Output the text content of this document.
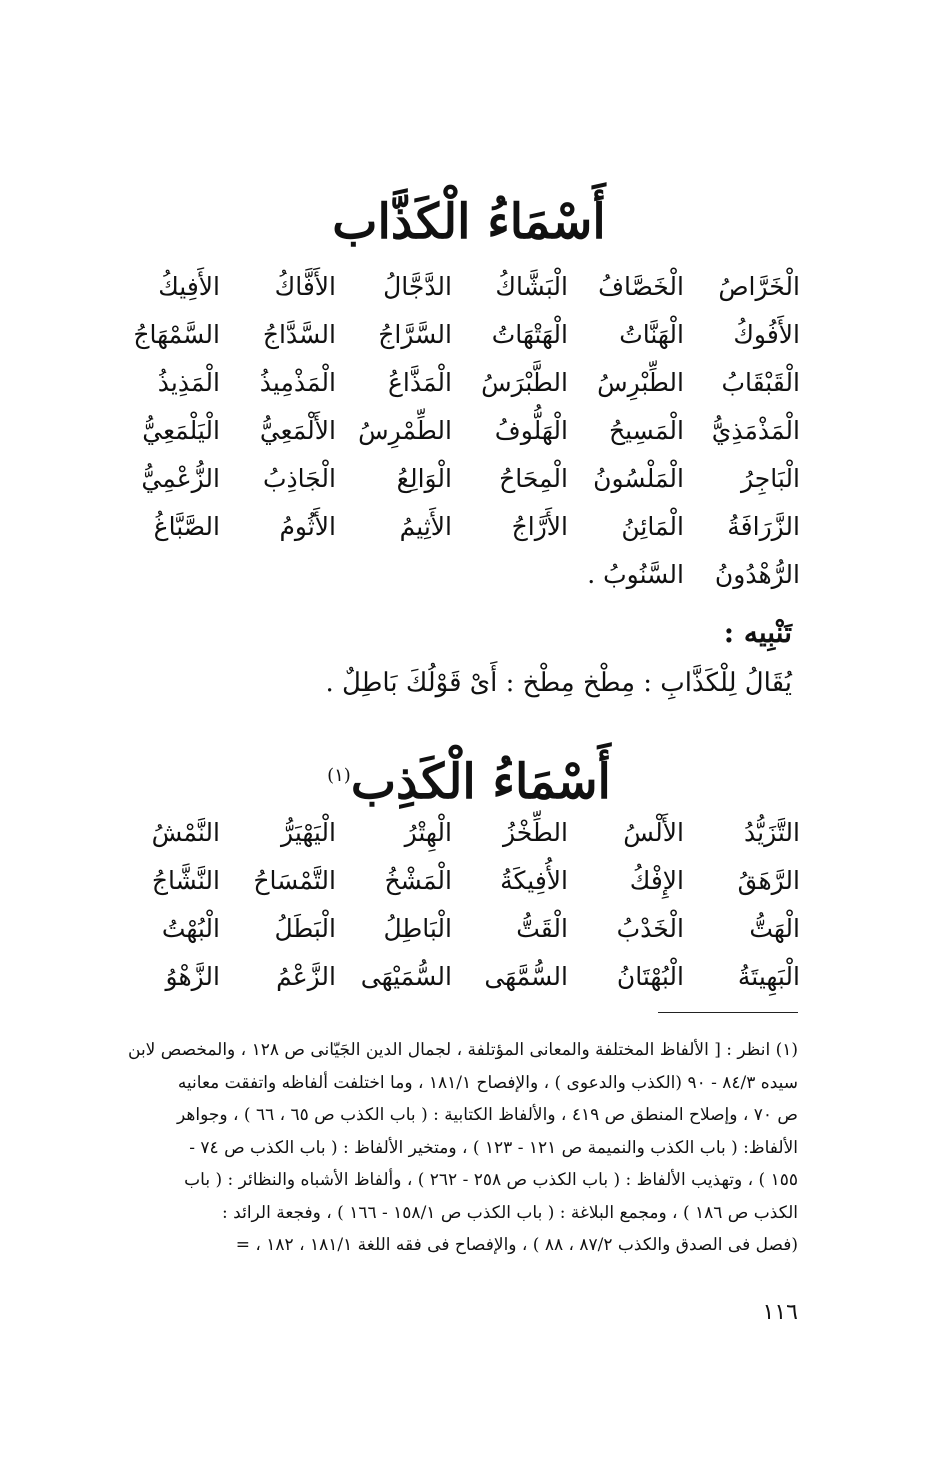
أَسْمَاءُ الْكَذَّاب
الْخَرَّاصُ
الْخَصَّافُ
الْبَشَّاكُ
الدَّجَّالُ
الأَفَّاكُ
الأَفِيكُ
الأَفُوكُ
الْهَنَّاتُ
الْهَتْهَاتُ
السَّرَّاجُ
السَّدَّاجُ
السَّمْهَاجُ
الْقَبْقَابُ
الطِّبْرِسُ
الطَّبْرَسُ
الْمَذَّاعُ
الْمَذْمِيذُ
الْمَذِيذُ
الْمَذْمَذِيُّ
الْمَسِيحُ
الْهَلُّوفُ
الطِّمْرِسُ
الأَلْمَعِيُّ
الْيَلْمَعِيُّ
الْبَاجِرُ
الْمَلْسُونُ
الْمِحَاحُ
الْوَالِعُ
الْجَاذِبُ
الزُّعْمِيُّ
الزَّرَافَةُ
الْمَائِنُ
الأَرَّاجُ
الأَثِيمُ
الأَثُومُ
الصَّبَّاغُ
الرُّهْدُونُ
السَّنُوبُ .
تَنْبِيه :
يُقَالُ لِلْكَذَّابِ : مِطْخ مِطْخ : أَىْ قَوْلُكَ بَاطِلٌ .
أَسْمَاءُ الْكَذِب$^{(١)}$
التَّزَيُّدُ
الأَلْسُ
الطِّخْزُ
الْهِتْرُ
الْيَهْيَرُّ
النَّمْشُ
الرَّهَقُ
الإِفْكُ
الأُفِيكَةُ
الْمَشْخُ
التَّمْسَاحُ
النَّشَّاجُ
الْهَتُّ
الْخَدْبُ
الْقَتُّ
الْبَاطِلُ
الْبَطَلُ
الْبُهْتُ
الْبَهِيتَةُ
الْبُهْتَانُ
السُّمَّهَى
السُّمَيْهَى
الزَّعْمُ
الزَّهْوُ
(١) انظر : [ الألفاظ المختلفة والمعانى المؤتلفة ، لجمال الدين الجَيّانى ص ١٢٨ ، والمخصص لابن
سيده ٨٤/٣ - ٩٠ (الكذب والدعوى ) ، والإفصاح ١٨١/١ ، وما اختلفت ألفاظه واتفقت معانيه
ص ٧٠ ، وإصلاح المنطق ص ٤١٩ ، والألفاظ الكتابية : ( باب الكذب ص ٦٥ ، ٦٦ ) ، وجواهر
الألفاظ: ( باب الكذب والنميمة ص ١٢١ - ١٢٣ ) ، ومتخير الألفاظ : ( باب الكذب ص ٧٤ -
١٥٥ ) ، وتهذيب الألفاظ : ( باب الكذب ص ٢٥٨ - ٢٦٢ ) ، وألفاظ الأشباه والنظائر : ( باب
الكذب ص ١٨٦ ) ، ومجمع البلاغة : ( باب الكذب ص ١٥٨/١ - ١٦٦ ) ، وفجعة الرائد :
(فصل فى الصدق والكذب ٨٧/٢ ، ٨٨ ) ، والإفصاح فى فقه اللغة ١٨١/١ ، ١٨٢ ، =
١١٦
